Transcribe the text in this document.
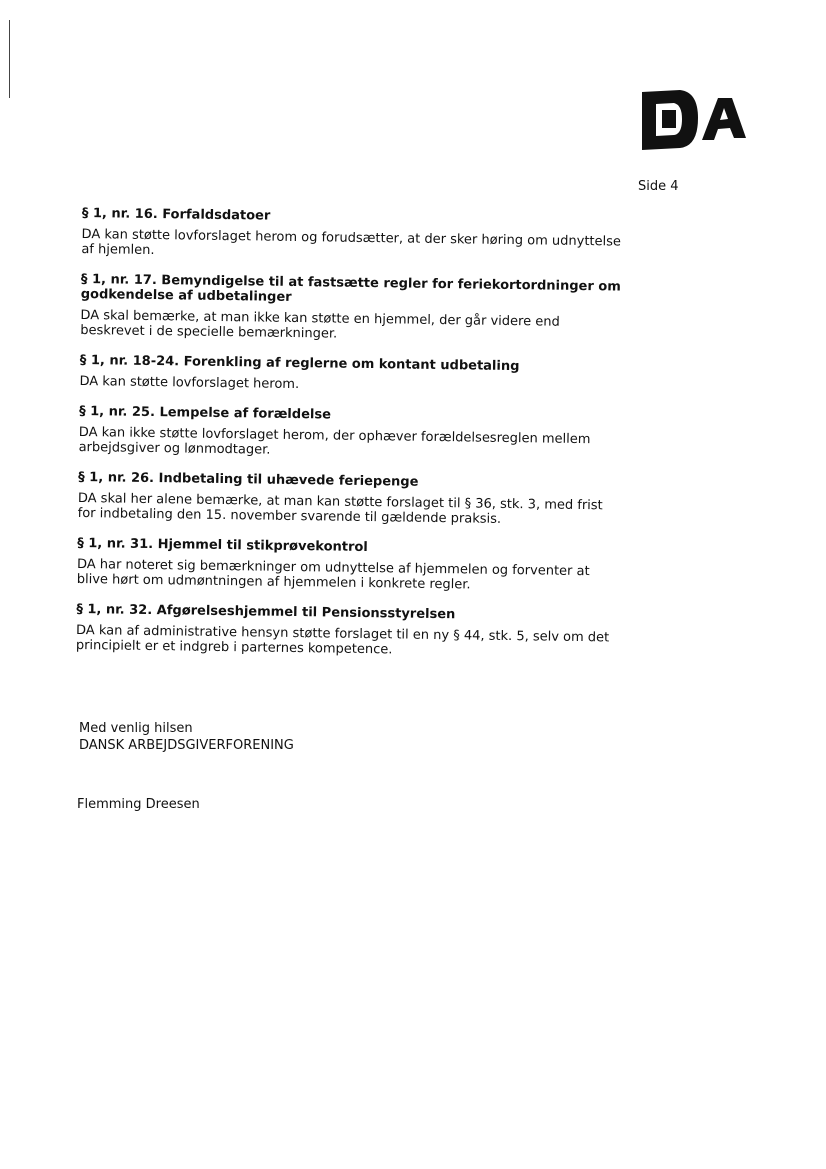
Side 4

§ 1, nr. 16. Forfaldsdatoer

DA kan støtte lovforslaget herom og forudsætter, at der sker høring om udnyttelse af hjemlen.

§ 1, nr. 17. Bemyndigelse til at fastsætte regler for feriekortordninger om godkendelse af udbetalinger

DA skal bemærke, at man ikke kan støtte en hjemmel, der går videre end beskrevet i de specielle bemærkninger.

§ 1, nr. 18-24. Forenkling af reglerne om kontant udbetaling

DA kan støtte lovforslaget herom.

§ 1, nr. 25. Lempelse af forældelse

DA kan ikke støtte lovforslaget herom, der ophæver forældelsesreglen mellem arbejdsgiver og lønmodtager.

§ 1, nr. 26. Indbetaling til uhævede feriepenge

DA skal her alene bemærke, at man kan støtte forslaget til § 36, stk. 3, med frist for indbetaling den 15. november svarende til gældende praksis.

§ 1, nr. 31. Hjemmel til stikprøvekontrol

DA har noteret sig bemærkninger om udnyttelse af hjemmelen og forventer at blive hørt om udmøntningen af hjemmelen i konkrete regler.

§ 1, nr. 32. Afgørelseshjemmel til Pensionsstyrelsen

DA kan af administrative hensyn støtte forslaget til en ny § 44, stk. 5, selv om det principielt er et indgreb i parternes kompetence.

Med venlig hilsen
DANSK ARBEJDSGIVERFORENING
Flemming Dreesen
